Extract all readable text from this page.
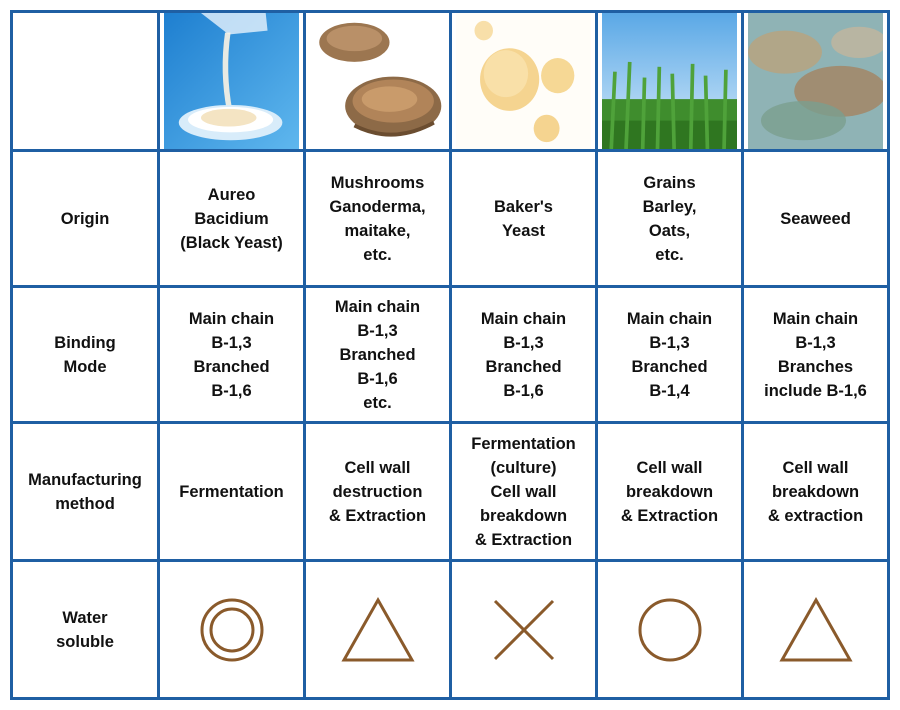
Origin	Aureo
Bacidium
(Black Yeast)	Mushrooms
Ganoderma,
maitake,
etc.	Baker's
Yeast	Grains
Barley,
Oats,
etc.	Seaweed

Binding
Mode	Main chain
B-1,3
Branched
B-1,6	Main chain
B-1,3
Branched
B-1,6
etc.	Main chain
B-1,3
Branched
B-1,6	Main chain
B-1,3
Branched
B-1,4	Main chain
B-1,3
Branches
include B-1,6

Manufacturing
method	Fermentation	Cell wall
destruction
& Extraction	Fermentation
(culture)
Cell wall
breakdown
& Extraction	Cell wall
breakdown
& Extraction	Cell wall
breakdown
& extraction

Water
soluble
